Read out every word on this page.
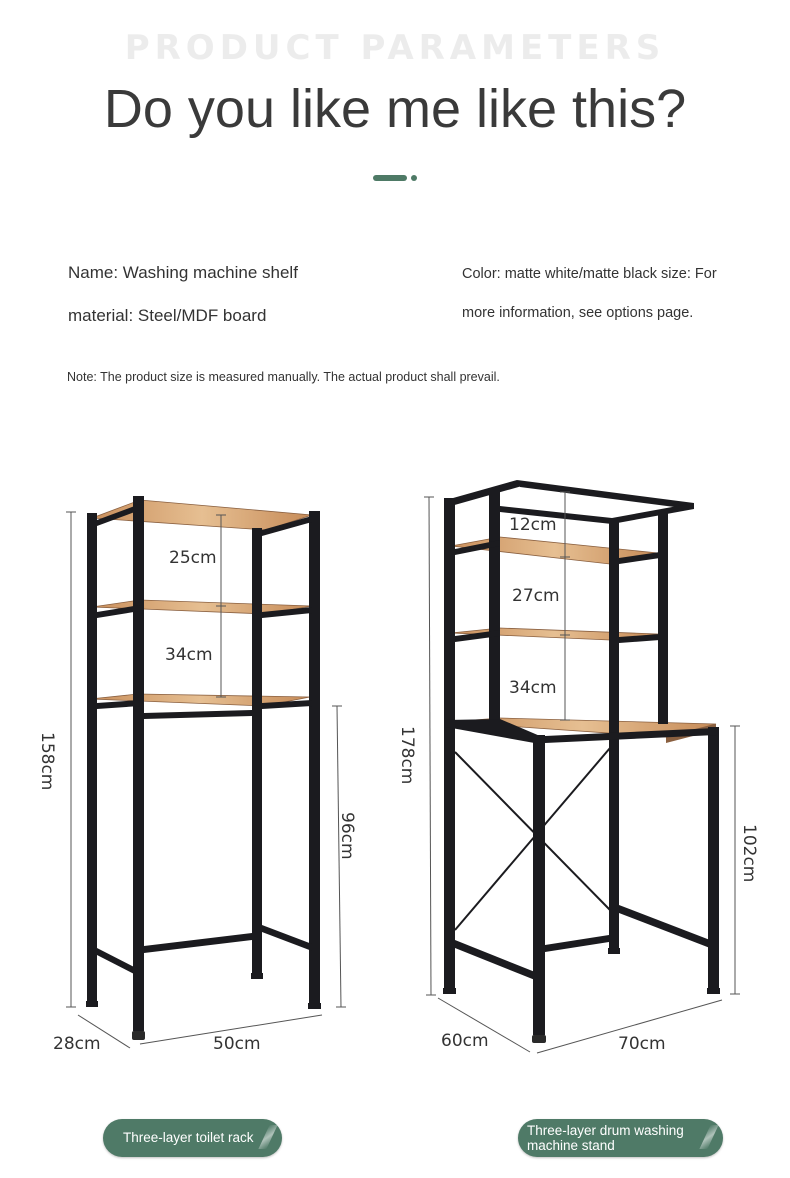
PRODUCT PARAMETERS
Do you like me like this?
Name: Washing machine shelf
material: Steel/MDF board
Color: matte white/matte black size: For
more information, see options page.
Note: The product size is measured manually. The actual product shall prevail.
158cm
96cm
25cm
34cm
28cm	50cm
178cm
102cm
12cm
27cm
34cm
60cm	70cm
Three-layer toilet rack	Three-layer drum washing machine stand
